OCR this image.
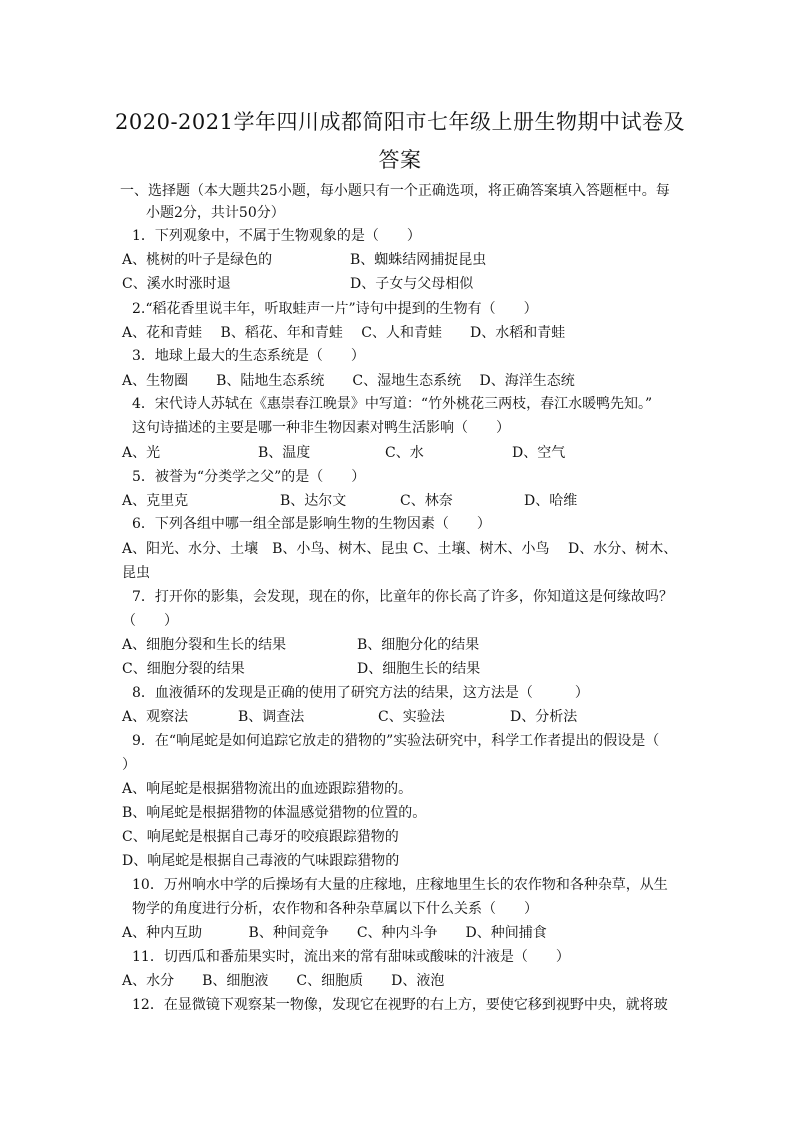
2020-2021学年四川成都简阳市七年级上册生物期中试卷及
答案
一、选择题（本大题共25小题，每小题只有一个正确选项，将正确答案填入答题框中。每小题2分，共计50分）
1．下列观象中，不属于生物观象的是（　　）
A、桃树的叶子是绿色的	B、蜘蛛结网捕捉昆虫
C、溪水时涨时退	D、子女与父母相似
2.“稻花香里说丰年，听取蛙声一片”诗句中提到的生物有（　　）
A、花和青蛙　 B、稻花、年和青蛙　 C、人和青蛙　　D、水稻和青蛙
3．地球上最大的生态系统是（　　）
A、生物圈　　B、陆地生态系统　　C、湿地生态系统　 D、海洋生态统
4．宋代诗人苏轼在《惠崇春江晚景》中写道：“竹外桃花三两枝，春江水暖鸭先知。”
这句诗描述的主要是哪一种非生物因素对鸭生活影响（　　）
A、光	B、温度	C、水	D、空气
5．被誉为“分类学之父”的是（　　）
A、克里克	B、达尔文	C、林奈	D、哈维
6．下列各组中哪一组全部是影响生物的生物因素（　　）
A、阳光、水分、土壤　B、小鸟、树木、昆虫 C、土壤、树木、小鸟　 D、水分、树木、
昆虫
7．打开你的影集，会发现，现在的你，比童年的你长高了许多，你知道这是何缘故吗？
（　　）
A、细胞分裂和生长的结果	B、细胞分化的结果
C、细胞分裂的结果	D、细胞生长的结果
8．血液循环的发现是正确的使用了研究方法的结果，这方法是（　　　）
A、观察法	B、调查法	C、实验法	D、分析法
9．在“响尾蛇是如何追踪它放走的猎物的”实验法研究中，科学工作者提出的假设是（
）
A、响尾蛇是根据猎物流出的血迹跟踪猎物的。
B、响尾蛇是根据猎物的体温感觉猎物的位置的。
C、响尾蛇是根据自己毒牙的咬痕跟踪猎物的
D、响尾蛇是根据自己毒液的气味跟踪猎物的
10．万州响水中学的后操场有大量的庄稼地，庄稼地里生长的农作物和各种杂草，从生
物学的角度进行分析，农作物和各种杂草属以下什么关系（　　）
A、种内互助　　　 B、种间竞争　　C、种内斗争　　D、种间捕食
11．切西瓜和番茄果实时，流出来的常有甜味或酸味的汁液是（　　）
A、水分　　B、细胞液　　C、细胞质　　D、液泡
12．在显微镜下观察某一物像，发现它在视野的右上方，要使它移到视野中央，就将玻
